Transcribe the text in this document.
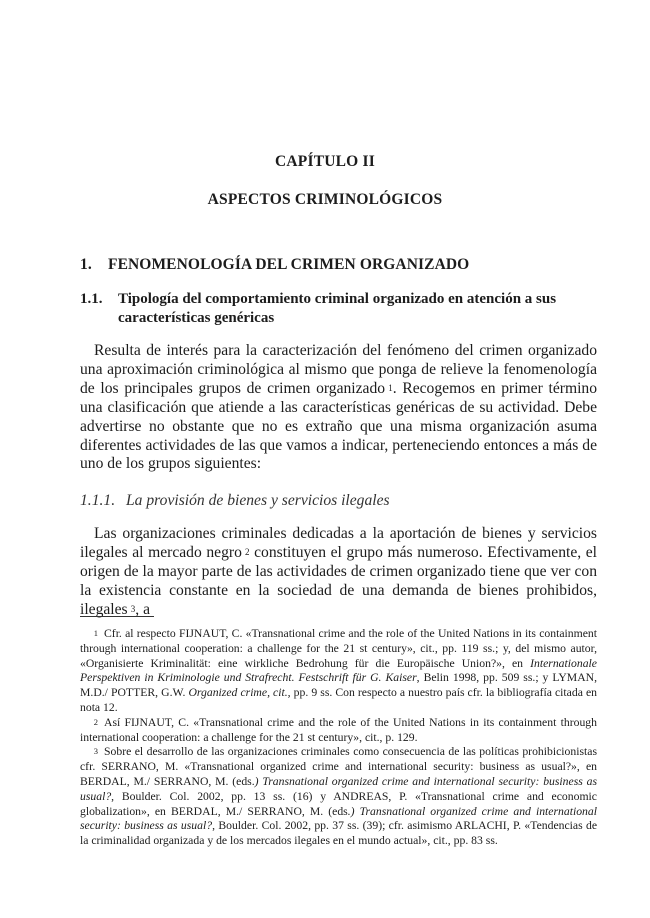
CAPÍTULO II
ASPECTOS CRIMINOLÓGICOS
1. FENOMENOLOGÍA DEL CRIMEN ORGANIZADO
1.1.	Tipología del comportamiento criminal organizado en atención a sus características genéricas

Resulta de interés para la caracterización del fenómeno del crimen organizado una aproximación criminológica al mismo que ponga de relieve la fenomenología de los principales grupos de crimen organizado  $^1$. Recogemos en primer término una clasificación que atiende a las características genéricas de su actividad. Debe advertirse no obstante que no es extraño que una misma organización asuma diferentes actividades de las que vamos a indicar, perteneciendo entonces a más de uno de los grupos siguientes:

1.1.1. La provisión de bienes y servicios ilegales

Las organizaciones criminales dedicadas a la aportación de bienes y servicios ilegales al mercado negro  $^2$ constituyen el grupo más numeroso. Efectivamente, el origen de la mayor parte de las actividades de crimen organizado tiene que ver con la existencia constante en la sociedad de una demanda de bienes prohibidos, ilegales  $^3$, a

$^1$ Cfr. al respecto FIJNAUT, C. «Transnational crime and the role of the United Nations in its containment through international cooperation: a challenge for the 21 st century», cit., pp. 119 ss.; y, del mismo autor, «Organisierte Kriminalität: eine wirkliche Bedrohung für die Europäische Union?», en Internationale Perspektiven in Kriminologie und Strafrecht. Festschrift für G. Kaiser, Belin 1998, pp. 509 ss.; y LYMAN, M.D./ POTTER, G.W. Organized crime, cit., pp. 9 ss. Con respecto a nuestro país cfr. la bibliografía citada en nota 12.

$^2$ Así FIJNAUT, C. «Transnational crime and the role of the United Nations in its containment through international cooperation: a challenge for the 21 st century», cit., p. 129.

$^3$ Sobre el desarrollo de las organizaciones criminales como consecuencia de las políticas prohibicionistas cfr. SERRANO, M. «Transnational organized crime and international security: business as usual?», en BERDAL, M./ SERRANO, M. (eds.) Transnational organized crime and international security: business as usual?, Boulder. Col. 2002, pp. 13 ss. (16) y ANDREAS, P. «Transnational crime and economic globalization», en BERDAL, M./ SERRANO, M. (eds.) Transnational organized crime and international security: business as usual?, Boulder. Col. 2002, pp. 37 ss. (39); cfr. asimismo ARLACHI, P. «Tendencias de la criminalidad organizada y de los mercados ilegales en el mundo actual», cit., pp. 83 ss.
